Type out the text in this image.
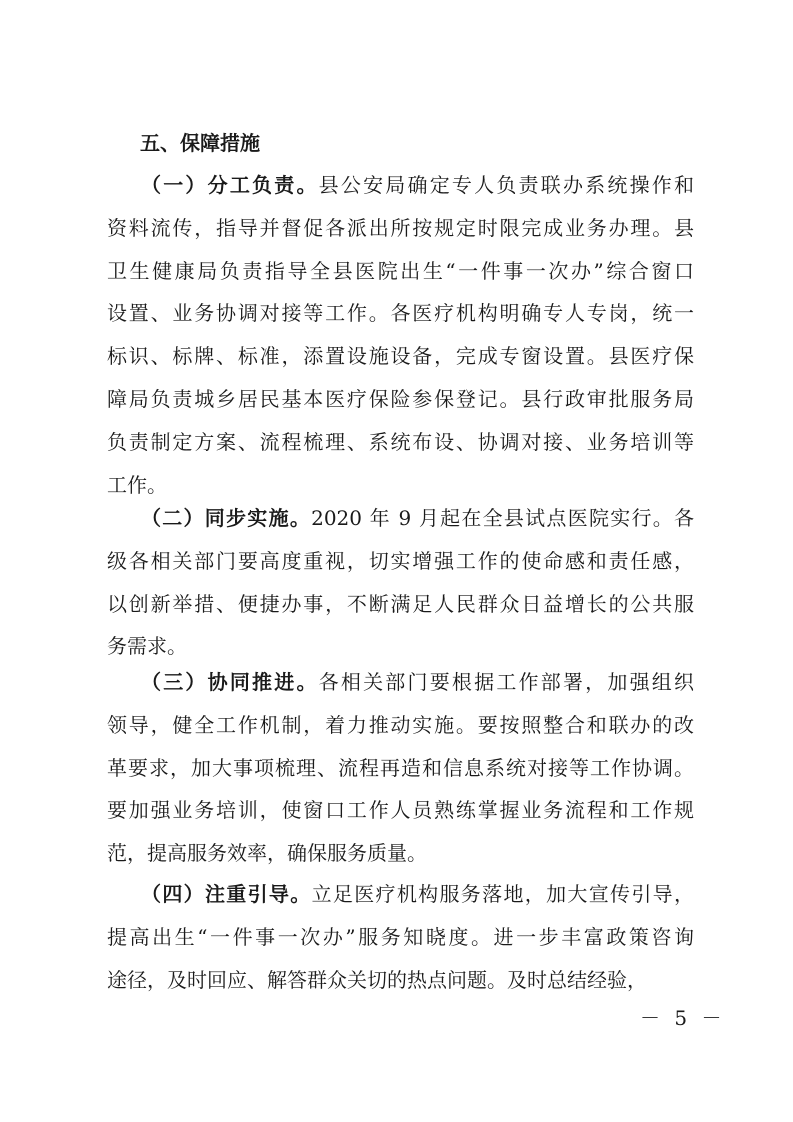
五、保障措施
（一）分工负责。县公安局确定专人负责联办系统操作和
资料流传，指导并督促各派出所按规定时限完成业务办理。县
卫生健康局负责指导全县医院出生“一件事一次办”综合窗口
设置、业务协调对接等工作。各医疗机构明确专人专岗，统一
标识、标牌、标准，添置设施设备，完成专窗设置。县医疗保
障局负责城乡居民基本医疗保险参保登记。县行政审批服务局
负责制定方案、流程梳理、系统布设、协调对接、业务培训等
工作。
（二）同步实施。2020 年 9 月起在全县试点医院实行。各
级各相关部门要高度重视，切实增强工作的使命感和责任感，
以创新举措、便捷办事，不断满足人民群众日益增长的公共服
务需求。
（三）协同推进。各相关部门要根据工作部署，加强组织
领导，健全工作机制，着力推动实施。要按照整合和联办的改
革要求，加大事项梳理、流程再造和信息系统对接等工作协调。
要加强业务培训，使窗口工作人员熟练掌握业务流程和工作规
范，提高服务效率，确保服务质量。
（四）注重引导。立足医疗机构服务落地，加大宣传引导，
提高出生“一件事一次办”服务知晓度。进一步丰富政策咨询
途径，及时回应、解答群众关切的热点问题。及时总结经验，
－ 5 －
